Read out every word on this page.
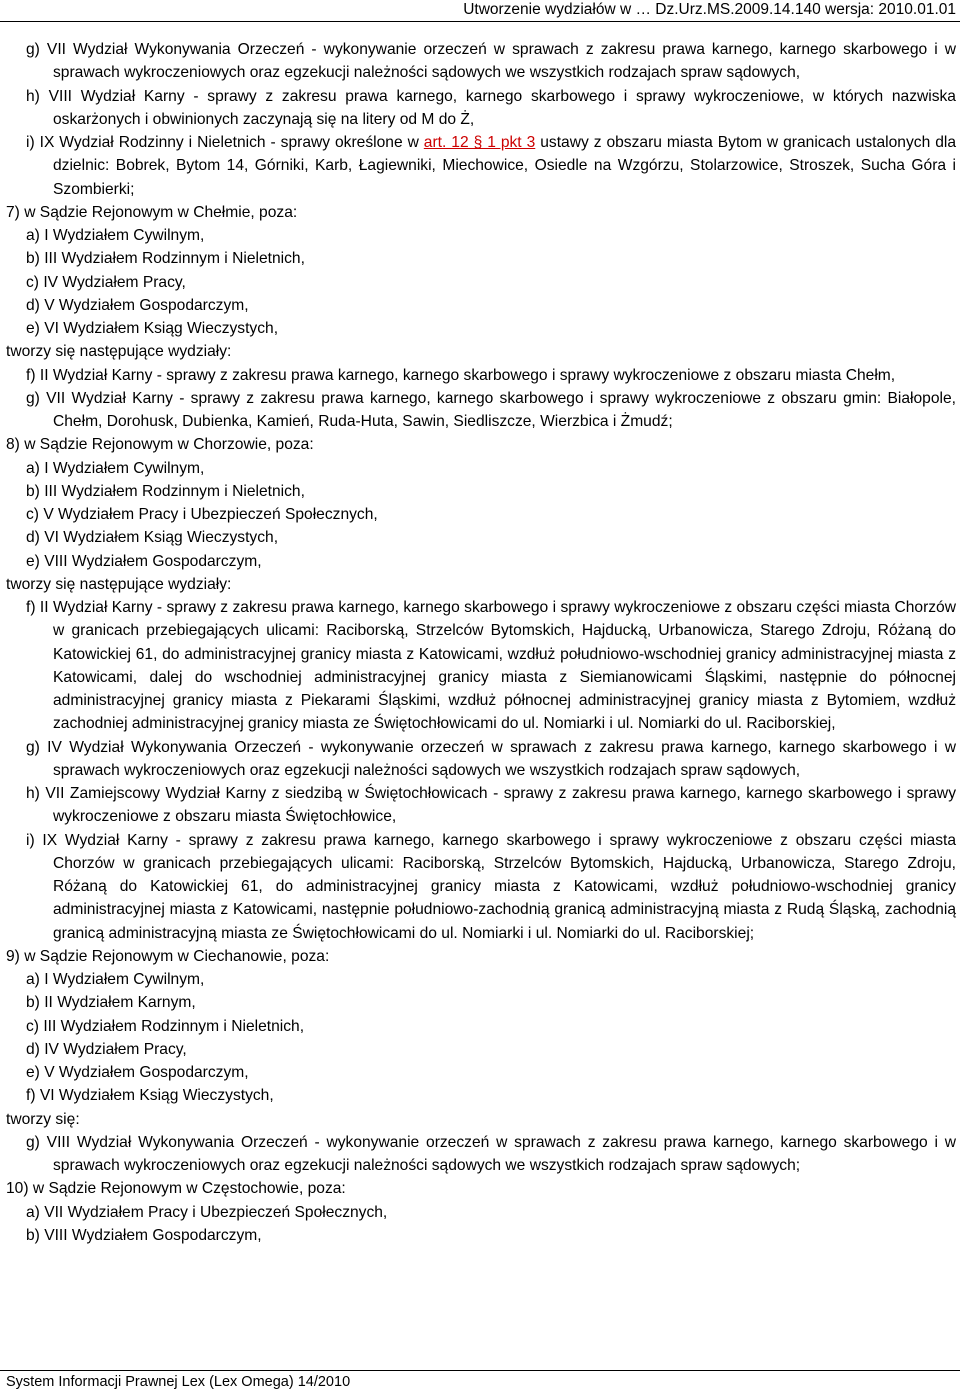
Utworzenie wydziałów w … Dz.Urz.MS.2009.14.140 wersja: 2010.01.01

g) VII Wydział Wykonywania Orzeczeń - wykonywanie orzeczeń w sprawach z zakresu prawa karnego, karnego skarbowego i w sprawach wykroczeniowych oraz egzekucji należności sądowych we wszystkich rodzajach spraw sądowych,

h) VIII Wydział Karny - sprawy z zakresu prawa karnego, karnego skarbowego i sprawy wykroczeniowe, w których nazwiska oskarżonych i obwinionych zaczynają się na litery od M do Ż,

i) IX Wydział Rodzinny i Nieletnich - sprawy określone w art. 12 § 1 pkt 3 ustawy z obszaru miasta Bytom w granicach ustalonych dla dzielnic: Bobrek, Bytom 14, Górniki, Karb, Łagiewniki, Miechowice, Osiedle na Wzgórzu, Stolarzowice, Stroszek, Sucha Góra i Szombierki;

7) w Sądzie Rejonowym w Chełmie, poza:

a) I Wydziałem Cywilnym,

b) III Wydziałem Rodzinnym i Nieletnich,

c) IV Wydziałem Pracy,

d) V Wydziałem Gospodarczym,

e) VI Wydziałem Ksiąg Wieczystych,

tworzy się następujące wydziały:

f) II Wydział Karny - sprawy z zakresu prawa karnego, karnego skarbowego i sprawy wykroczeniowe z obszaru miasta Chełm,

g) VII Wydział Karny - sprawy z zakresu prawa karnego, karnego skarbowego i sprawy wykroczeniowe z obszaru gmin: Białopole, Chełm, Dorohusk, Dubienka, Kamień, Ruda-Huta, Sawin, Siedliszcze, Wierzbica i Żmudź;

8) w Sądzie Rejonowym w Chorzowie, poza:

a) I Wydziałem Cywilnym,

b) III Wydziałem Rodzinnym i Nieletnich,

c) V Wydziałem Pracy i Ubezpieczeń Społecznych,

d) VI Wydziałem Ksiąg Wieczystych,

e) VIII Wydziałem Gospodarczym,

tworzy się następujące wydziały:

f) II Wydział Karny - sprawy z zakresu prawa karnego, karnego skarbowego i sprawy wykroczeniowe z obszaru części miasta Chorzów w granicach przebiegających ulicami: Raciborską, Strzelców Bytomskich, Hajducką, Urbanowicza, Starego Zdroju, Różaną do Katowickiej 61, do administracyjnej granicy miasta z Katowicami, wzdłuż południowo-wschodniej granicy administracyjnej miasta z Katowicami, dalej do wschodniej administracyjnej granicy miasta z Siemianowicami Śląskimi, następnie do północnej administracyjnej granicy miasta z Piekarami Śląskimi, wzdłuż północnej administracyjnej granicy miasta z Bytomiem, wzdłuż zachodniej administracyjnej granicy miasta ze Świętochłowicami do ul. Nomiarki i ul. Nomiarki do ul. Raciborskiej,

g) IV Wydział Wykonywania Orzeczeń - wykonywanie orzeczeń w sprawach z zakresu prawa karnego, karnego skarbowego i w sprawach wykroczeniowych oraz egzekucji należności sądowych we wszystkich rodzajach spraw sądowych,

h) VII Zamiejscowy Wydział Karny z siedzibą w Świętochłowicach - sprawy z zakresu prawa karnego, karnego skarbowego i sprawy wykroczeniowe z obszaru miasta Świętochłowice,

i) IX Wydział Karny - sprawy z zakresu prawa karnego, karnego skarbowego i sprawy wykroczeniowe z obszaru części miasta Chorzów w granicach przebiegających ulicami: Raciborską, Strzelców Bytomskich, Hajducką, Urbanowicza, Starego Zdroju, Różaną do Katowickiej 61, do administracyjnej granicy miasta z Katowicami, wzdłuż południowo-wschodniej granicy administracyjnej miasta z Katowicami, następnie południowo-zachodnią granicą administracyjną miasta z Rudą Śląską, zachodnią granicą administracyjną miasta ze Świętochłowicami do ul. Nomiarki i ul. Nomiarki do ul. Raciborskiej;

9) w Sądzie Rejonowym w Ciechanowie, poza:

a) I Wydziałem Cywilnym,

b) II Wydziałem Karnym,

c) III Wydziałem Rodzinnym i Nieletnich,

d) IV Wydziałem Pracy,

e) V Wydziałem Gospodarczym,

f) VI Wydziałem Ksiąg Wieczystych,

tworzy się:

g) VIII Wydział Wykonywania Orzeczeń - wykonywanie orzeczeń w sprawach z zakresu prawa karnego, karnego skarbowego i w sprawach wykroczeniowych oraz egzekucji należności sądowych we wszystkich rodzajach spraw sądowych;

10) w Sądzie Rejonowym w Częstochowie, poza:

a) VII Wydziałem Pracy i Ubezpieczeń Społecznych,

b) VIII Wydziałem Gospodarczym,

System Informacji Prawnej Lex (Lex Omega) 14/2010
